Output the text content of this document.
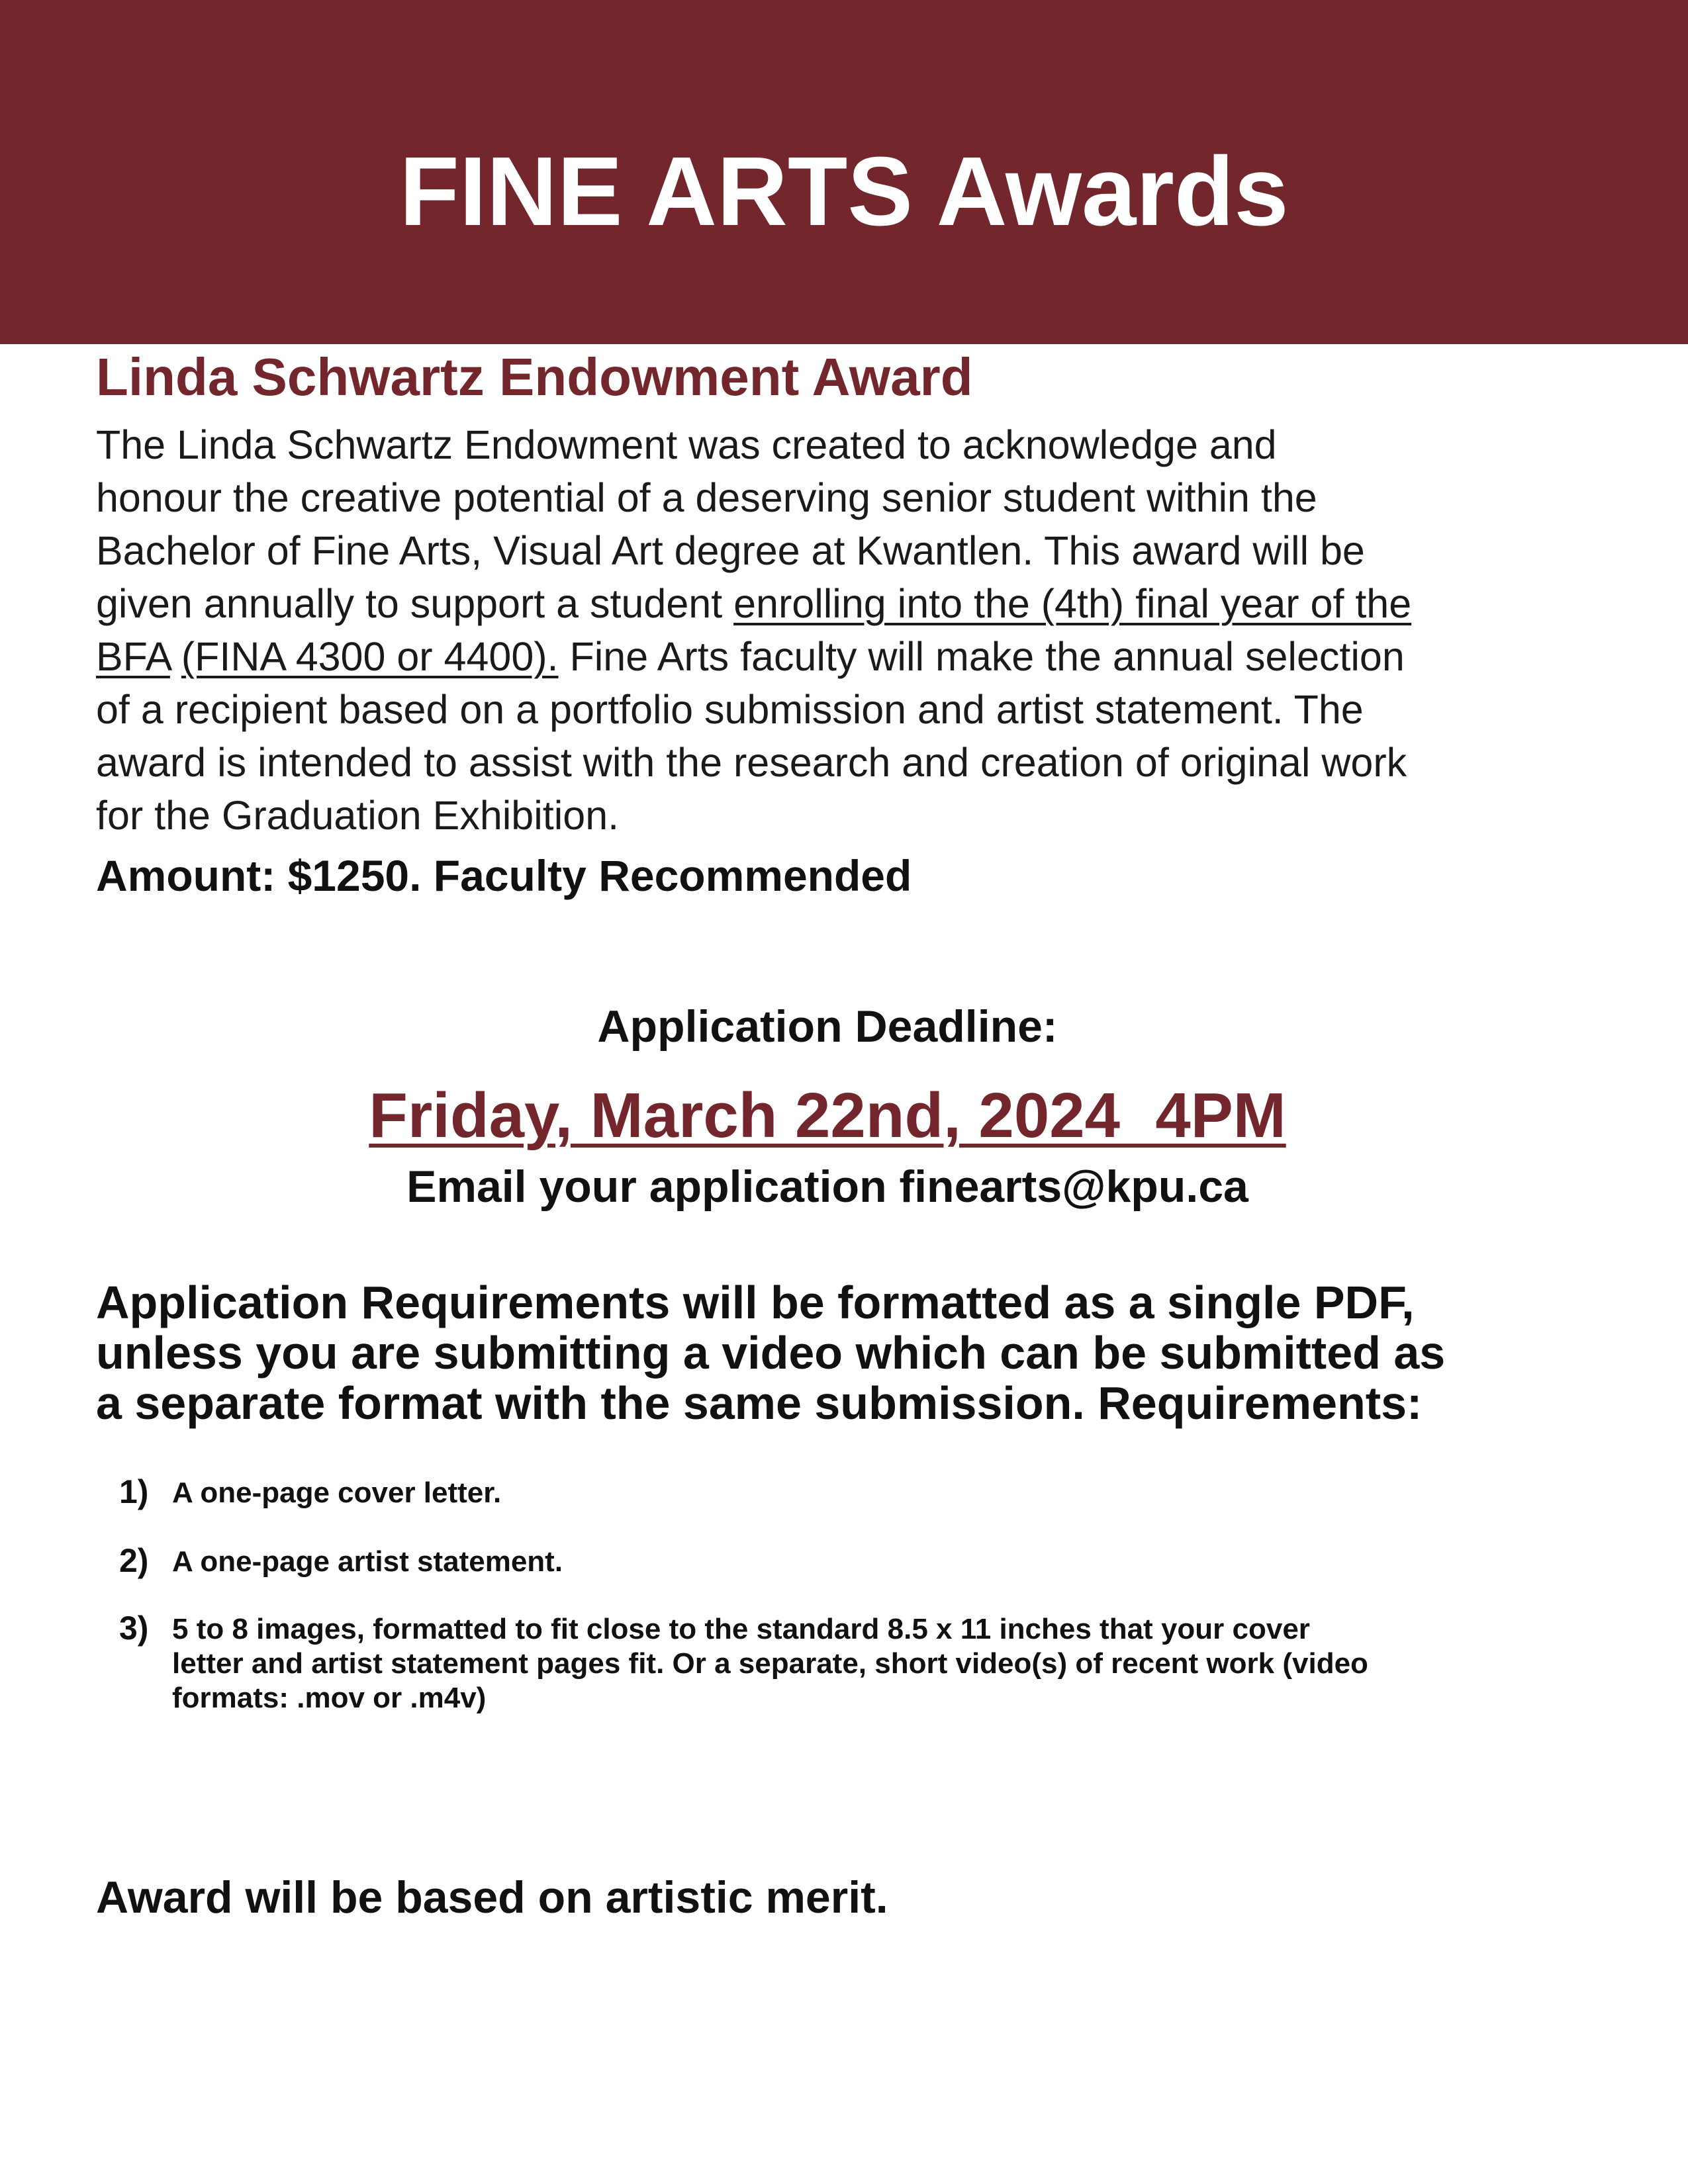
FINE ARTS Awards
Linda Schwartz Endowment Award
The Linda Schwartz Endowment was created to acknowledge and
honour the creative potential of a deserving senior student within the
Bachelor of Fine Arts, Visual Art degree at Kwantlen. This award will be
given annually to support a student enrolling into the (4th) final year of the
BFA (FINA 4300 or 4400). Fine Arts faculty will make the annual selection
of a recipient based on a portfolio submission and artist statement. The
award is intended to assist with the research and creation of original work
for the Graduation Exhibition.
Amount: $1250. Faculty Recommended
Application Deadline:
Friday, March 22nd, 2024  4PM
Email your application finearts@kpu.ca
Application Requirements will be formatted as a single PDF,
unless you are submitting a video which can be submitted as
a separate format with the same submission. Requirements:
1) A one-page cover letter.
2) A one-page artist statement.
3) 5 to 8 images, formatted to fit close to the standard 8.5 x 11 inches that your cover
letter and artist statement pages fit. Or a separate, short video(s) of recent work (video
formats: .mov or .m4v)
Award will be based on artistic merit.
